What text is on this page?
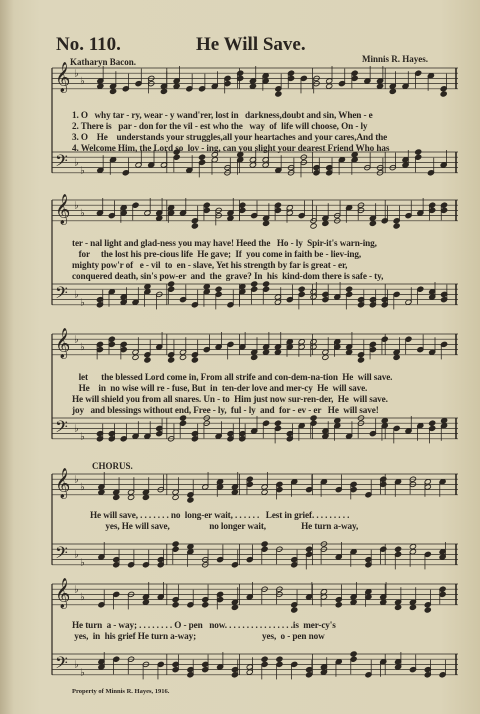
No. 110.	He Will Save.
Katharyn Bacon.	Minnis R. Hayes.
𝄞 ♭
♭
𝄢 ♭
♭
1. O   why tar - ry, wear - y wand'rer, lost in   darkness,doubt and sin, When - e
2. There is   par - don for the vil - est who the   way  of  life will choose, On - ly
3. O    He    understands your struggles,all your heartaches and your cares,And the
4. Welcome Him, the Lord so  lov - ing, can you slight your dearest Friend Who has
𝄞 ♭
♭
𝄢 ♭
♭
ter - nal light and glad-ness you may have! Heed the   Ho - ly  Spir-it's warn-ing,
for     the lost his pre-cious life  He gave;  If  you come in faith be - liev-ing,
mighty pow'r of   e - vil  to  en - slave, Yet his strength by far is great - er,
conquered death, sin's pow-er  and  the  grave? In  his  kind-dom there is safe - ty,
𝄞 ♭
♭
𝄢 ♭
♭
let      the blessed Lord come in, From all strife and con-dem-na-tion  He  will save.
He    in  no wise will re - fuse, But  in  ten-der love and mer-cy  He  will save.
He will shield you from all snares. Un - to  Him just now sur-ren-der,  He  will save.
joy   and blessings without end, Free - ly,  ful - ly  and  for - ev - er   He  will save!
CHORUS.
𝄞 ♭
♭
𝄢 ♭
♭
He will save, . . . . . . . no  long-er wait, . . . . . .   Lest in grief. . . . . . . . .
yes, He will save,                  no longer wait,                He turn a-way,
𝄞 ♭
♭
𝄢 ♭
♭
He turn  a - way; . . . . . . . . O - pen   now. . . . . . . . . . . . . . . .is  mer-cy's
yes,  in  his grief He turn a-way;                              yes,  o - pen now
Property of Minnis R. Hayes, 1916.
